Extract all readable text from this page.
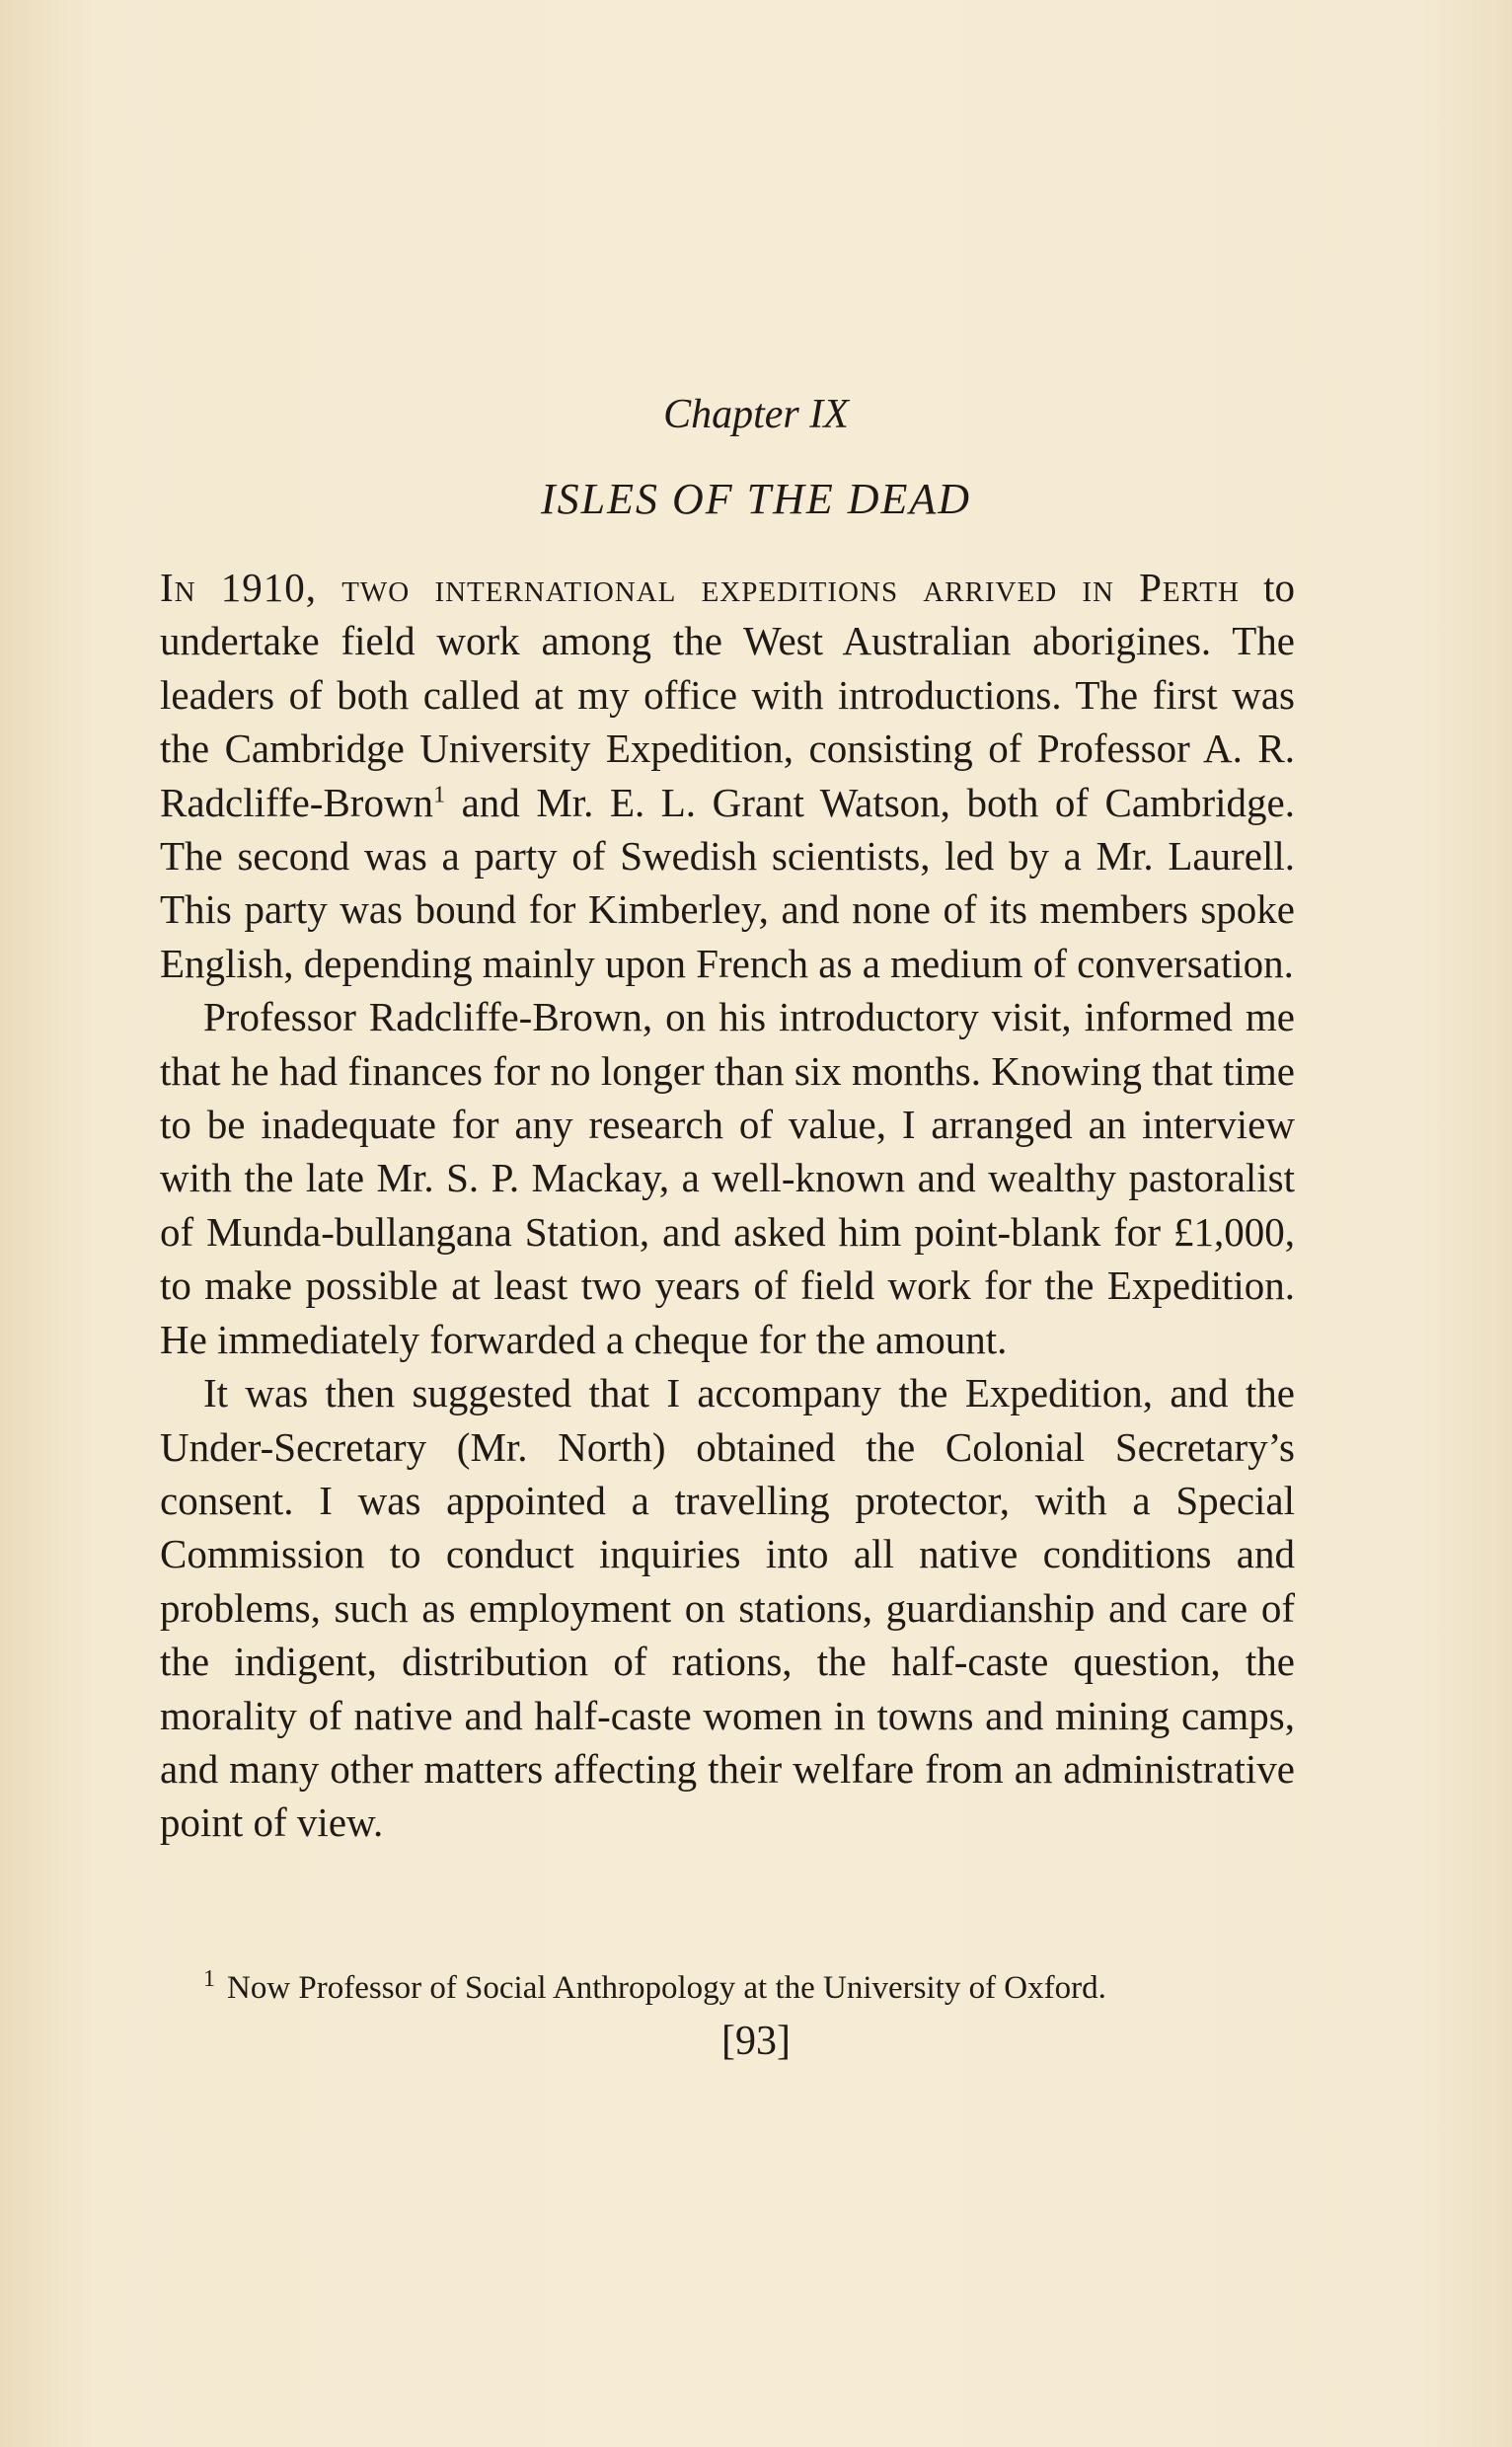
Chapter IX
ISLES OF THE DEAD

In 1910, two international expeditions arrived in Perth to undertake field work among the West Australian aborigines. The leaders of both called at my office with introductions. The first was the Cambridge University Expedition, consisting of Professor A. R. Radcliffe-Brown$^1$ and Mr. E. L. Grant Watson, both of Cambridge. The second was a party of Swedish scientists, led by a Mr. Laurell. This party was bound for Kimberley, and none of its members spoke English, depending mainly upon French as a medium of conversation.

Professor Radcliffe-Brown, on his introductory visit, informed me that he had finances for no longer than six months. Knowing that time to be inadequate for any research of value, I arranged an interview with the late Mr. S. P. Mackay, a well-known and wealthy pastoralist of Munda-bullangana Station, and asked him point-blank for £1,000, to make possible at least two years of field work for the Expedition. He immediately forwarded a cheque for the amount.

It was then suggested that I accompany the Expedition, and the Under-Secretary (Mr. North) obtained the Colonial Secretary’s consent. I was appointed a travelling protector, with a Special Commission to conduct inquiries into all native conditions and problems, such as employment on stations, guardianship and care of the indigent, distribution of rations, the half-caste question, the morality of native and half-caste women in towns and mining camps, and many other matters affecting their welfare from an administrative point of view.

$^1$ Now Professor of Social Anthropology at the University of Oxford.
[93]
